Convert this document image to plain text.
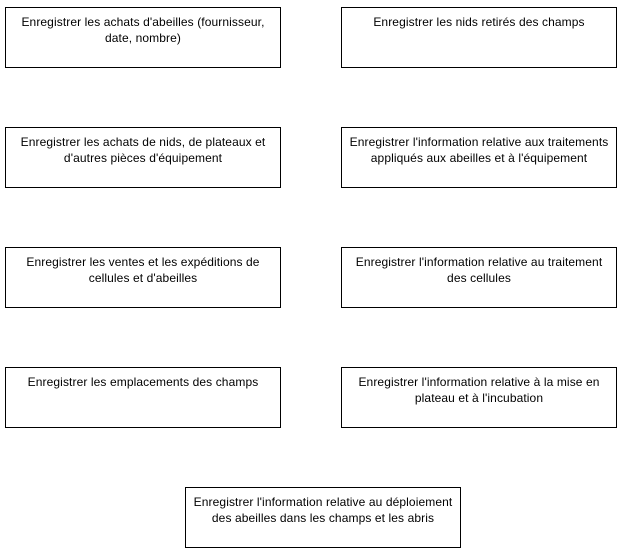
Enregistrer les achats d'abeilles (fournisseur, date, nombre)
Enregistrer les nids retirés des champs
Enregistrer les achats de nids, de plateaux et d'autres pièces d'équipement
Enregistrer l'information relative aux traitements appliqués aux abeilles et à l'équipement
Enregistrer les ventes et les expéditions de cellules et d'abeilles
Enregistrer l'information relative au traitement des cellules
Enregistrer les emplacements des champs	Enregistrer l'information relative à la mise en plateau et à l'incubation
Enregistrer l'information relative au déploiement des abeilles dans les champs et les abris
